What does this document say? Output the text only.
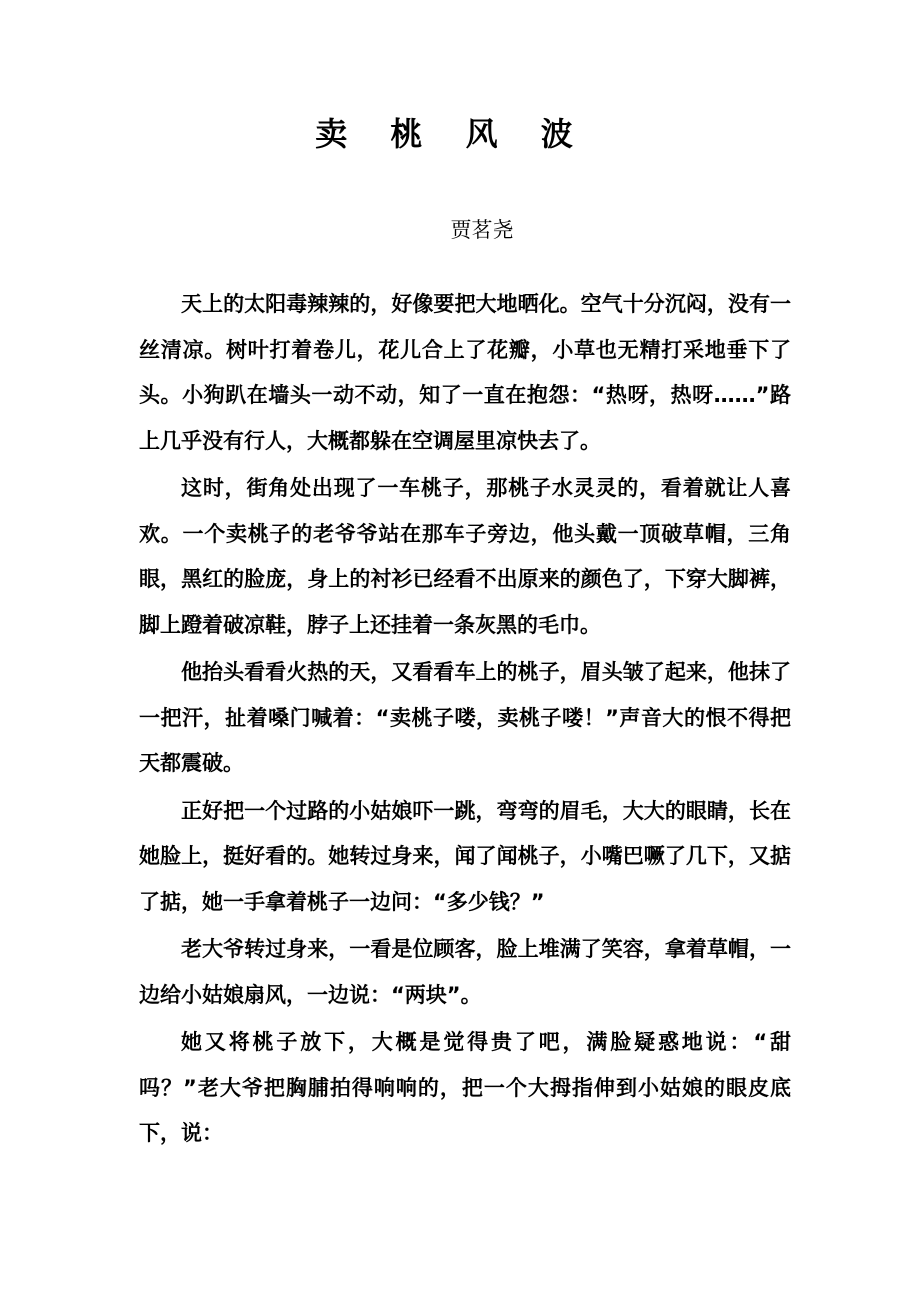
卖 桃 风 波
贾茗尧

天上的太阳毒辣辣的，好像要把大地晒化。空气十分沉闷，没有一丝清凉。树叶打着卷儿，花儿合上了花瓣，小草也无精打采地垂下了头。小狗趴在墙头一动不动，知了一直在抱怨：“热呀，热呀……”路上几乎没有行人，大概都躲在空调屋里凉快去了。

这时，街角处出现了一车桃子，那桃子水灵灵的，看着就让人喜欢。一个卖桃子的老爷爷站在那车子旁边，他头戴一顶破草帽，三角眼，黑红的脸庞，身上的衬衫已经看不出原来的颜色了，下穿大脚裤，脚上蹬着破凉鞋，脖子上还挂着一条灰黑的毛巾。

他抬头看看火热的天，又看看车上的桃子，眉头皱了起来，他抹了一把汗，扯着嗓门喊着：“卖桃子喽，卖桃子喽！”声音大的恨不得把天都震破。

正好把一个过路的小姑娘吓一跳，弯弯的眉毛，大大的眼睛，长在她脸上，挺好看的。她转过身来，闻了闻桃子，小嘴巴噘了几下，又掂了掂，她一手拿着桃子一边问：“多少钱？”

老大爷转过身来，一看是位顾客，脸上堆满了笑容，拿着草帽，一边给小姑娘扇风，一边说：“两块”。

她又将桃子放下，大概是觉得贵了吧，满脸疑惑地说：“甜吗？”老大爷把胸脯拍得响响的，把一个大拇指伸到小姑娘的眼皮底下，说：
